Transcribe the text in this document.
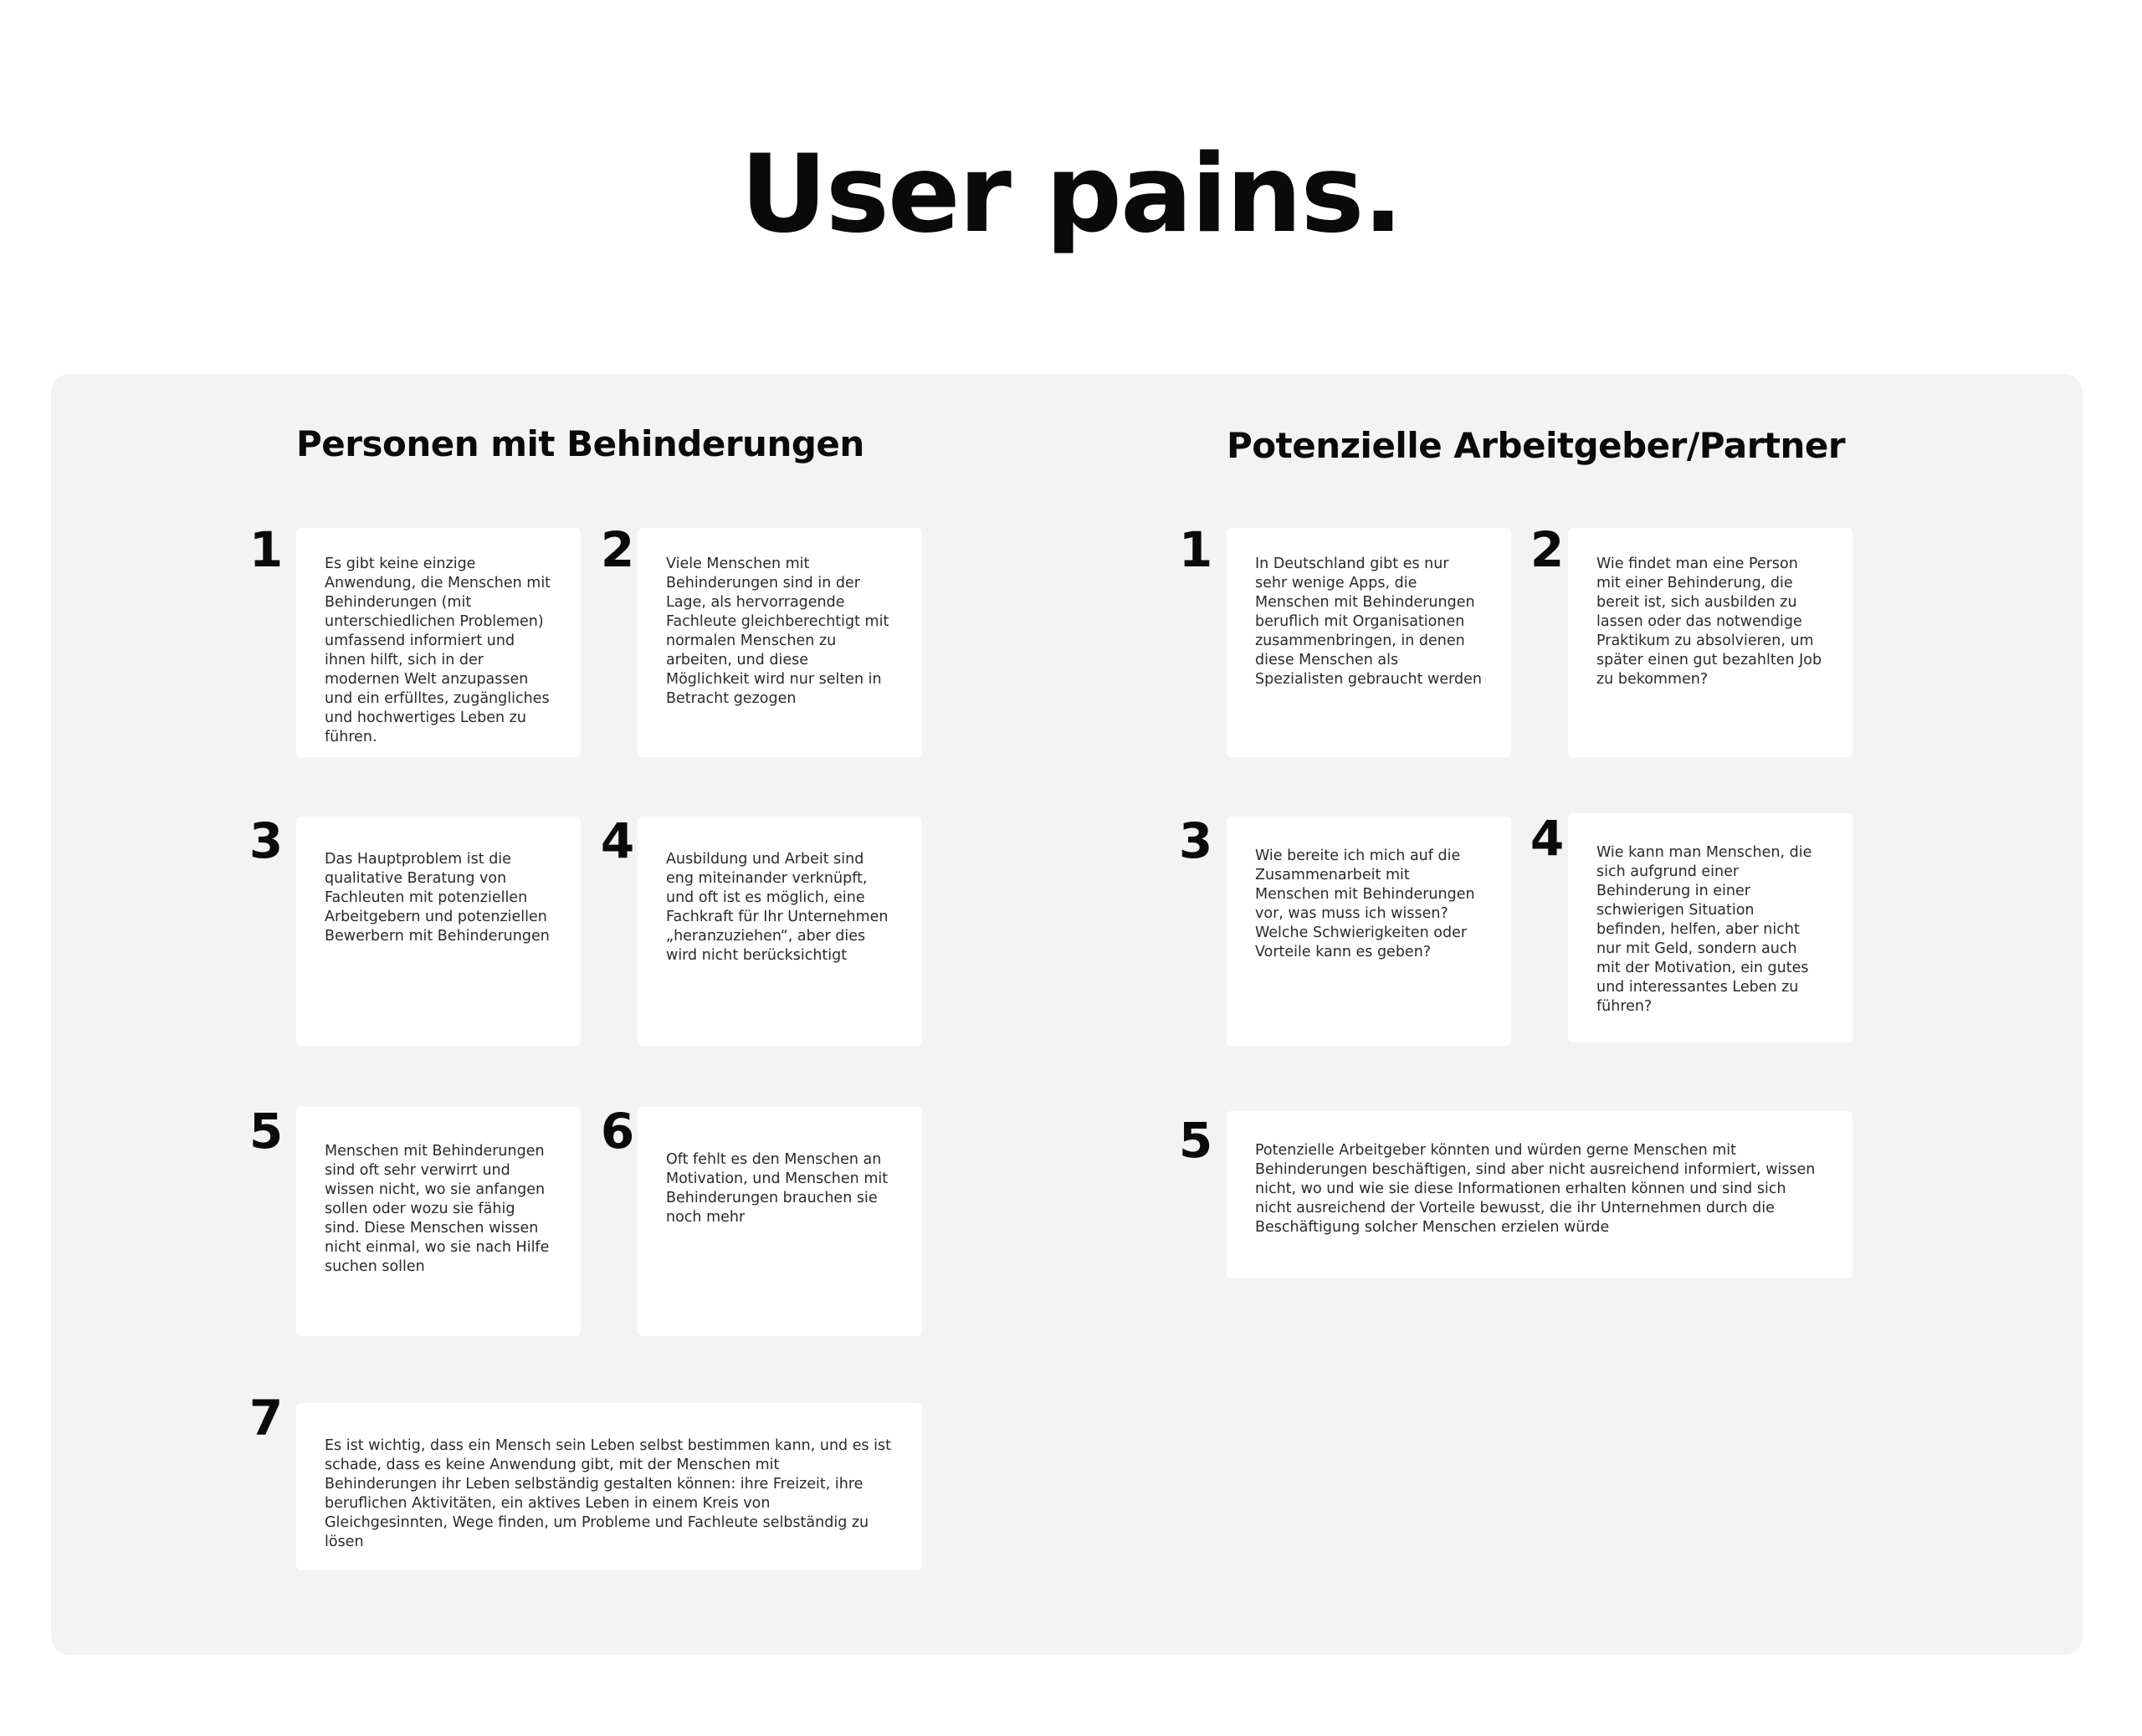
User pains.
Personen mit Behinderungen
1	Es gibt keine einzige Anwendung, die Menschen mit Behinderungen (mit unterschiedlichen Problemen) umfassend informiert und ihnen hilft, sich in der modernen Welt anzupassen und ein erfülltes, zugängliches und hochwertiges Leben zu führen.

2 Viele Menschen mit Behinderungen sind in der Lage, als hervorragende Fachleute gleichberechtigt mit normalen Menschen zu arbeiten, und diese Möglichkeit wird nur selten in Betracht gezogen

3	Das Hauptproblem ist die qualitative Beratung von Fachleuten mit potenziellen Arbeitgebern und potenziellen Bewerbern mit Behinderungen

4 Ausbildung und Arbeit sind eng miteinander verknüpft, und oft ist es möglich, eine Fachkraft für Ihr Unternehmen „heranzuziehen“, aber dies wird nicht berücksichtigt

5	Menschen mit Behinderungen sind oft sehr verwirrt und wissen nicht, wo sie anfangen sollen oder wozu sie fähig sind. Diese Menschen wissen nicht einmal, wo sie nach Hilfe suchen sollen

6 Oft fehlt es den Menschen an Motivation, und Menschen mit Behinderungen brauchen sie noch mehr

7	Es ist wichtig, dass ein Mensch sein Leben selbst bestimmen kann, und es ist schade, dass es keine Anwendung gibt, mit der Menschen mit Behinderungen ihr Leben selbständig gestalten können: ihre Freizeit, ihre beruflichen Aktivitäten, ein aktives Leben in einem Kreis von Gleichgesinnten, Wege finden, um Probleme und Fachleute selbständig zu lösen

Potenzielle Arbeitgeber/Partner
1	In Deutschland gibt es nur sehr wenige Apps, die Menschen mit Behinderungen beruflich mit Organisationen zusammenbringen, in denen diese Menschen als Spezialisten gebraucht werden

2 Wie findet man eine Person mit einer Behinderung, die bereit ist, sich ausbilden zu lassen oder das notwendige Praktikum zu absolvieren, um später einen gut bezahlten Job zu bekommen?

3	Wie bereite ich mich auf die Zusammenarbeit mit Menschen mit Behinderungen vor, was muss ich wissen? Welche Schwierigkeiten oder Vorteile kann es geben?

4 Wie kann man Menschen, die sich aufgrund einer Behinderung in einer schwierigen Situation befinden, helfen, aber nicht nur mit Geld, sondern auch mit der Motivation, ein gutes und interessantes Leben zu führen?

5	Potenzielle Arbeitgeber könnten und würden gerne Menschen mit Behinderungen beschäftigen, sind aber nicht ausreichend informiert, wissen nicht, wo und wie sie diese Informationen erhalten können und sind sich nicht ausreichend der Vorteile bewusst, die ihr Unternehmen durch die Beschäftigung solcher Menschen erzielen würde
